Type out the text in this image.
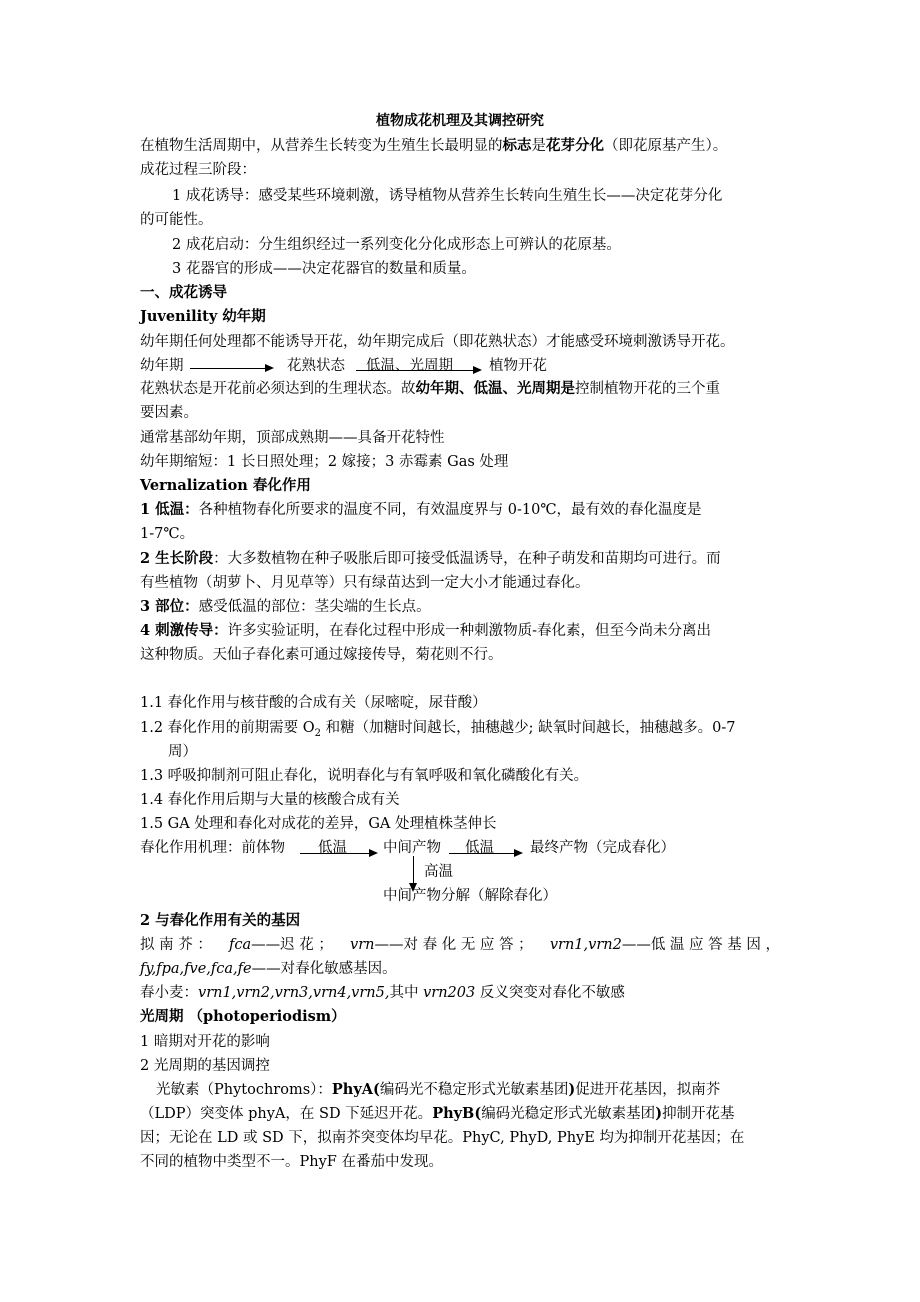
植物成花机理及其调控研究
在植物生活周期中，从营养生长转变为生殖生长最明显的标志是花芽分化（即花原基产生）。
成花过程三阶段：
1 成花诱导：感受某些环境刺激，诱导植物从营养生长转向生殖生长——决定花芽分化
的可能性。
2 成花启动：分生组织经过一系列变化分化成形态上可辨认的花原基。
3 花器官的形成——决定花器官的数量和质量。
一、成花诱导
Juvenility 幼年期
幼年期任何处理都不能诱导开花，幼年期完成后（即花熟状态）才能感受环境刺激诱导开花。
幼年期	花熟状态 低温、光周期 植物开花
花熟状态是开花前必须达到的生理状态。故幼年期、低温、光周期是控制植物开花的三个重
要因素。
通常基部幼年期，顶部成熟期——具备开花特性
幼年期缩短：1 长日照处理；2 嫁接；3 赤霉素 Gas 处理
Vernalization 春化作用
1 低温：各种植物春化所要求的温度不同，有效温度界与 0-10℃，最有效的春化温度是
1-7℃。
2 生长阶段：大多数植物在种子吸胀后即可接受低温诱导，在种子萌发和苗期均可进行。而
有些植物（胡萝卜、月见草等）只有绿苗达到一定大小才能通过春化。
3 部位：感受低温的部位：茎尖端的生长点。
4 刺激传导：许多实验证明，在春化过程中形成一种刺激物质-春化素，但至今尚未分离出
这种物质。天仙子春化素可通过嫁接传导，菊花则不行。
1.1 春化作用与核苷酸的合成有关（尿嘧啶，尿苷酸）
1.2 春化作用的前期需要 $O_2$ 和糖（加糖时间越长，抽穗越少; 缺氧时间越长，抽穗越多。0-7
周）
1.3 呼吸抑制剂可阻止春化，说明春化与有氧呼吸和氧化磷酸化有关。
1.4 春化作用后期与大量的核酸合成有关
1.5 GA 处理和春化对成花的差异，GA 处理植株茎伸长
春化作用机理：前体物 低温 中间产物 低温 最终产物（完成春化）
高温
中间产物分解（解除春化）
2 与春化作用有关的基因
拟 南 芥 ： fca——迟 花 ； vrn——对 春 化 无 应 答 ； vrn1,vrn2——低 温 应 答 基 因 ，
fy,fpa,fve,fca,fe——对春化敏感基因。
春小麦：vrn1,vrn2,vrn3,vrn4,vrn5,其中 vrn203 反义突变对春化不敏感
光周期 （photoperiodism）
1 暗期对开花的影响
2 光周期的基因调控
光敏素（Phytochroms）：PhyA(编码光不稳定形式光敏素基团)促进开花基因，拟南芥
（LDP）突变体 phyA，在 SD 下延迟开花。PhyB(编码光稳定形式光敏素基团)抑制开花基
因；无论在 LD 或 SD 下，拟南芥突变体均早花。PhyC, PhyD, PhyE 均为抑制开花基因；在
不同的植物中类型不一。PhyF 在番茄中发现。
